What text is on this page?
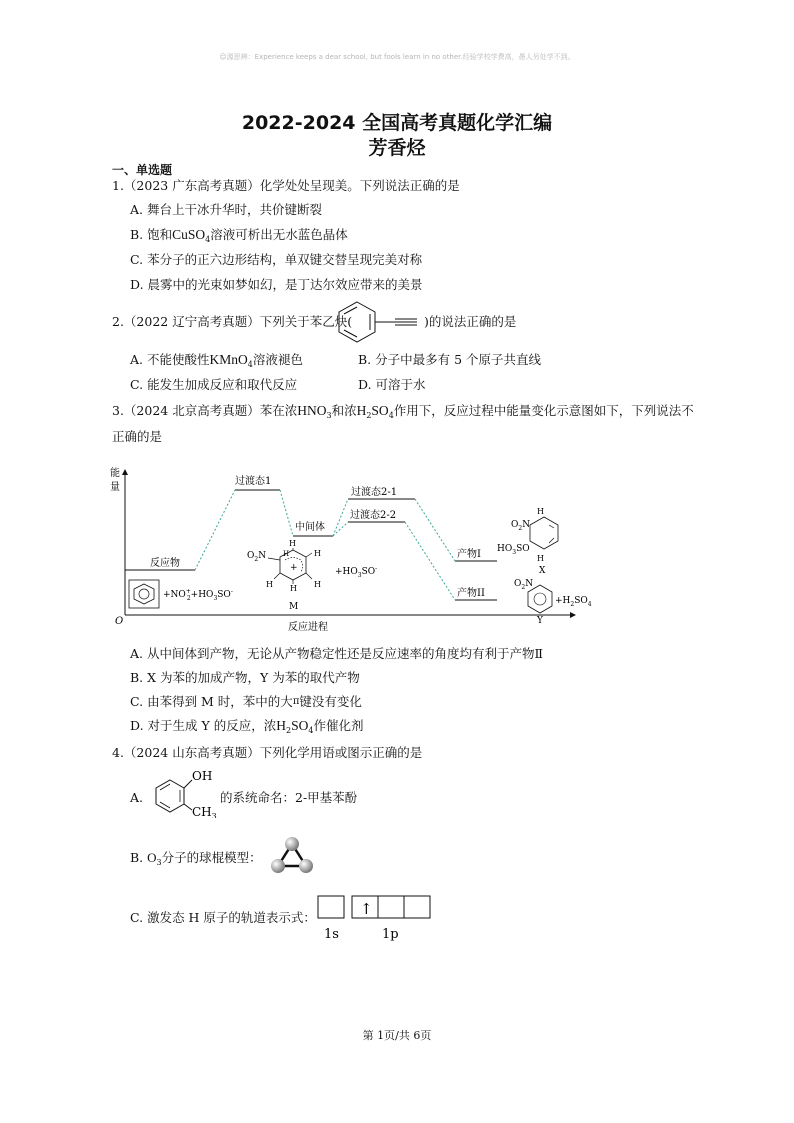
☺源思辨：Experience keeps a dear school, but fools learn in no other.经验学校学费高，愚人另处学不到。
2022-2024 全国高考真题化学汇编
芳香烃
一、单选题
1.（2023 广东高考真题）化学处处呈现美。下列说法正确的是
A. 舞台上干冰升华时，共价键断裂
B. 饱和CuSO$_4$溶液可析出无水蓝色晶体
C. 苯分子的正六边形结构，单双键交替呈现完美对称
D. 晨雾中的光束如梦如幻，是丁达尔效应带来的美景
2.（2022 辽宁高考真题）下列关于苯乙炔(	)的说法正确的是
A. 不能使酸性KMnO$_4$溶液褪色	B. 分子中最多有 5 个原子共直线
C. 能发生加成反应和取代反应	D. 可溶于水
3.（2024 北京高考真题）苯在浓$HNO_3$和浓$H_2SO_4$作用下，反应过程中能量变化示意图如下，下列说法不
正确的是
能
量
O
反应进程
反应物
过渡态1
中间体
过渡态2-1
过渡态2-2
产物I
产物II
+NO+ $2+HO_3SO^-$
+
H
H	H
H
H H
M
$O_2N$
$+HO_3SO^-$
$O_2N$
H
$HO_3SO$
H
X
$O_2N$
$+H_2SO_4$
Y
A. 从中间体到产物，无论从产物稳定性还是反应速率的角度均有利于产物Ⅱ
B. X 为苯的加成产物，Y 为苯的取代产物
C. 由苯得到 M 时，苯中的大π键没有变化
D. 对于生成 Y 的反应，浓$H_2SO_4$作催化剂
4.（2024 山东高考真题）下列化学用语或图示正确的是
A.
OH
$CH_3$
的系统命名：2-甲基苯酚
B. $O_3$分子的球棍模型：
C. 激发态 H 原子的轨道表示式：	↑
1s	1p
第 1页/共 6页
